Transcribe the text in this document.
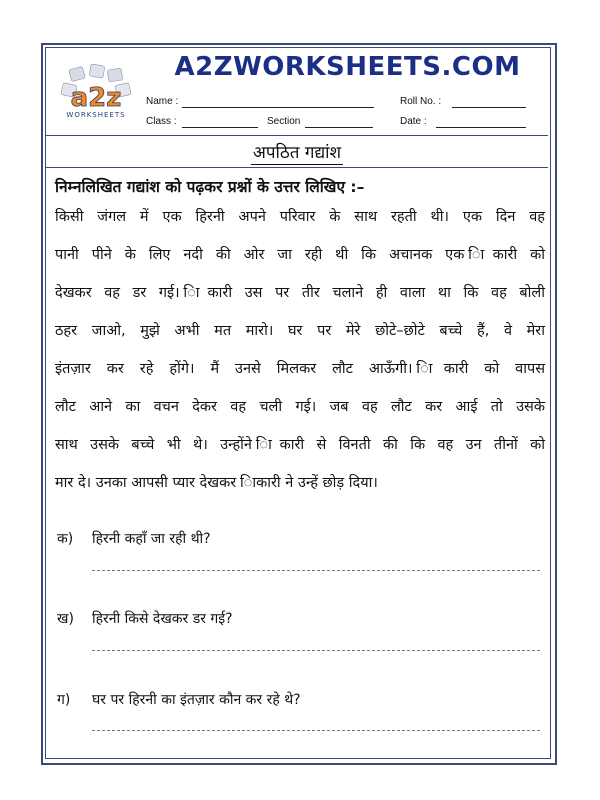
a2z
WORKSHEETS
A2ZWORKSHEETS.COM
Name :	Roll No. :
Class :	Section	Date :
अपठित गद्यांश
निम्नलिखित गद्यांश को पढ़कर प्रश्नों के उत्तर लिखिए :–
किसी जंगल में एक हिरनी अपने परिवार के साथ रहती थी। एक दिन वह
पानी पीने के लिए नदी की ओर जा रही थी कि अचानक एक ि‍ाकारी को
देखकर वह डर गई। ि‍ाकारी उस पर तीर चलाने ही वाला था कि वह बोली
ठहर जाओ, मुझे अभी मत मारो। घर पर मेरे छोटे–छोटे बच्चे हैं, वे मेरा
इंतज़ार कर रहे होंगे। मैं उनसे मिलकर लौट आऊँगी। ि‍ाकारी को वापस
लौट आने का वचन देकर वह चली गई। जब वह लौट कर आई तो उसके
साथ उसके बच्चे भी थे। उन्होंने ि‍ाकारी से विनती की कि वह उन तीनों को
मार दे। उनका आपसी प्यार देखकर ि‍ाकारी ने उन्हें छोड़ दिया।
क) हिरनी कहाँ जा रही थी?
ख) हिरनी किसे देखकर डर गई?
ग) घर पर हिरनी का इंतज़ार कौन कर रहे थे?
